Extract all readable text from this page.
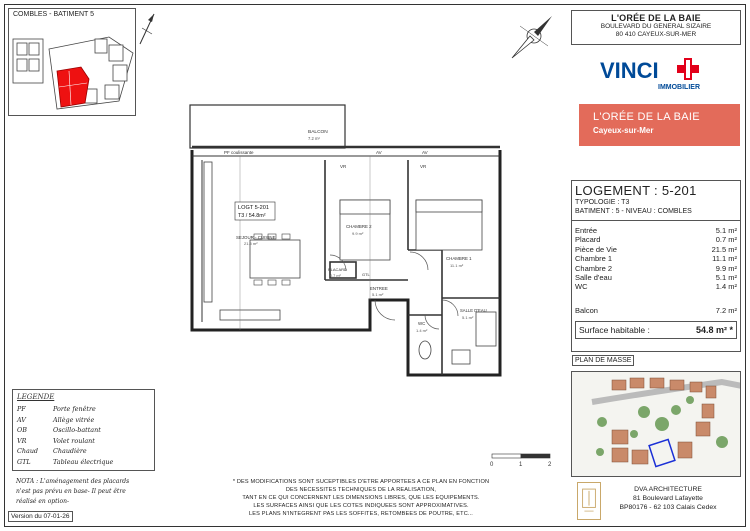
COMBLES - BATIMENT 5
BALCON
7.2 m²
PF coulissante	AV	AV
VR	VR
LOGT 5-201
T3 / 54.8m²
SEJOUR - CUISINE
21.5 m²
CHAMBRE 2
9.9 m²
CHAMBRE 1
11.1 m²
PLACARD
0.7 m²	GTL
ENTREE
5.1 m²
WC
1.4 m²
SALLE D'EAU
5.1 m²
L'ORÉE DE LA BAIE
BOULEVARD DU GENERAL SIZAIRE
80 410 CAYEUX-SUR-MER
VINCI
IMMOBILIER
L'ORÉE DE LA BAIE
Cayeux-sur-Mer
LOGEMENT : 5-201
TYPOLOGIE : T3
BATIMENT : 5 - NIVEAU : COMBLES
Entrée	5.1 m²
Placard	0.7 m²
Pièce de Vie	21.5 m²
Chambre 1	11.1 m²
Chambre 2	9.9 m²
Salle d'eau	5.1 m²
WC	1.4 m²
Balcon	7.2 m²
Surface habitable :	54.8 m² *
PLAN DE MASSE
LEGENDE
PF	Porte fenêtre
AV	Allège vitrée
OB	Oscillo-battant
VR	Volet roulant
Chaud	Chaudière
GTL	Tableau électrique
NOTA : L'aménagement des placards
n'est pas prévu en base- Il peut être
réalisé en option-
Version du 07-01-26
0	1	2
* DES MODIFICATIONS SONT SUCEPTIBLES D'ETRE APPORTEES A CE PLAN EN FONCTION
DES NECESSITES TECHNIQUES DE LA REALISATION,
TANT EN CE QUI CONCERNENT LES DIMENSIONS LIBRES, QUE LES EQUIPEMENTS.
LES SURFACES AINSI QUE LES COTES INDIQUEES SONT APPROXIMATIVES.
LES PLANS N'INTEGRENT PAS LES SOFFITES, RETOMBEES DE POUTRE, ETC...
DVA ARCHITECTURE
81 Boulevard Lafayette
BP80176 - 62 103 Calais Cedex
